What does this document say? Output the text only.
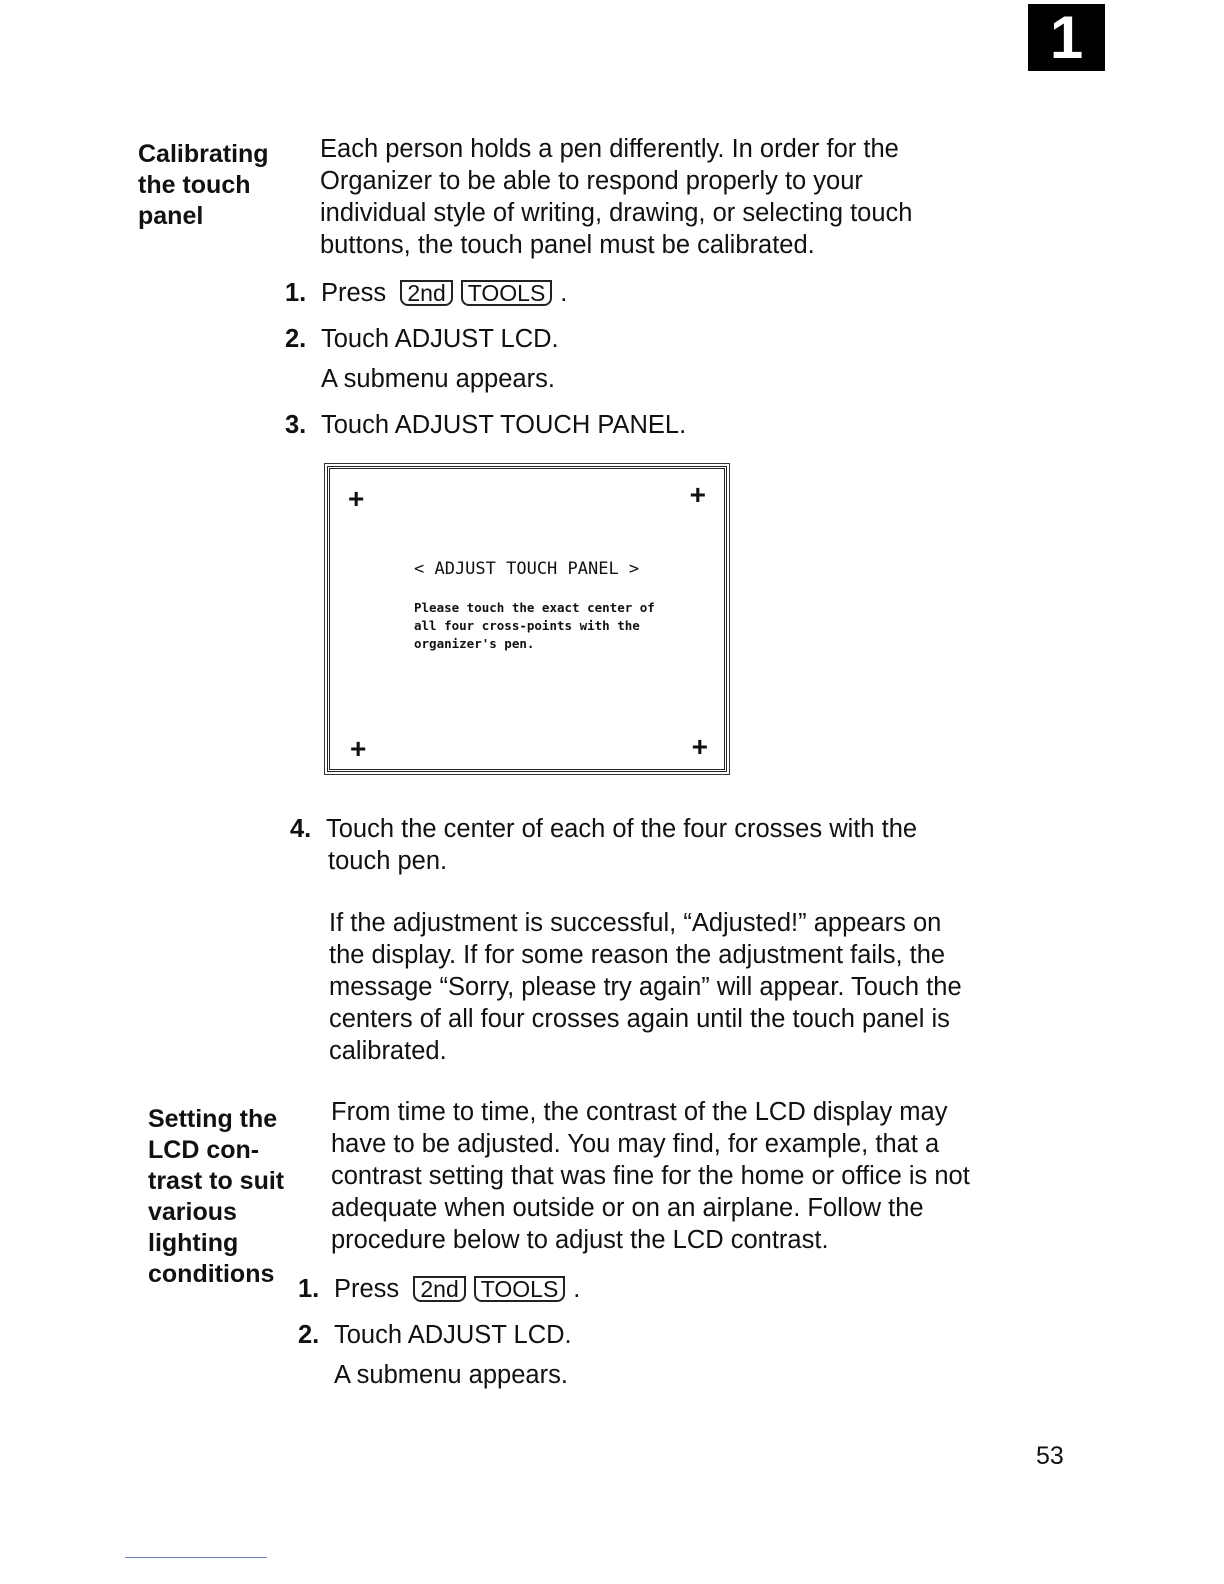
1
Calibrating
the touch
panel
Each person holds a pen differently. In order for the
Organizer to be able to respond properly to your
individual style of writing, drawing, or selecting touch
buttons, the touch panel must be calibrated.
1. Press 2nd TOOLS .
2. Touch ADJUST LCD.
A submenu appears.
3. Touch ADJUST TOUCH PANEL.
+	+
+	+
< ADJUST TOUCH PANEL >
Please touch the exact center of
all four cross-points with the
organizer's pen.
4. Touch the center of each of the four crosses with the
touch pen.
If the adjustment is successful, “Adjusted!” appears on
the display. If for some reason the adjustment fails, the
message “Sorry, please try again” will appear. Touch the
centers of all four crosses again until the touch panel is
calibrated.
Setting the
LCD con-
trast to suit
various
lighting
conditions
From time to time, the contrast of the LCD display may
have to be adjusted. You may find, for example, that a
contrast setting that was fine for the home or office is not
adequate when outside or on an airplane. Follow the
procedure below to adjust the LCD contrast.
1. Press 2nd TOOLS .
2. Touch ADJUST LCD.
A submenu appears.
53
